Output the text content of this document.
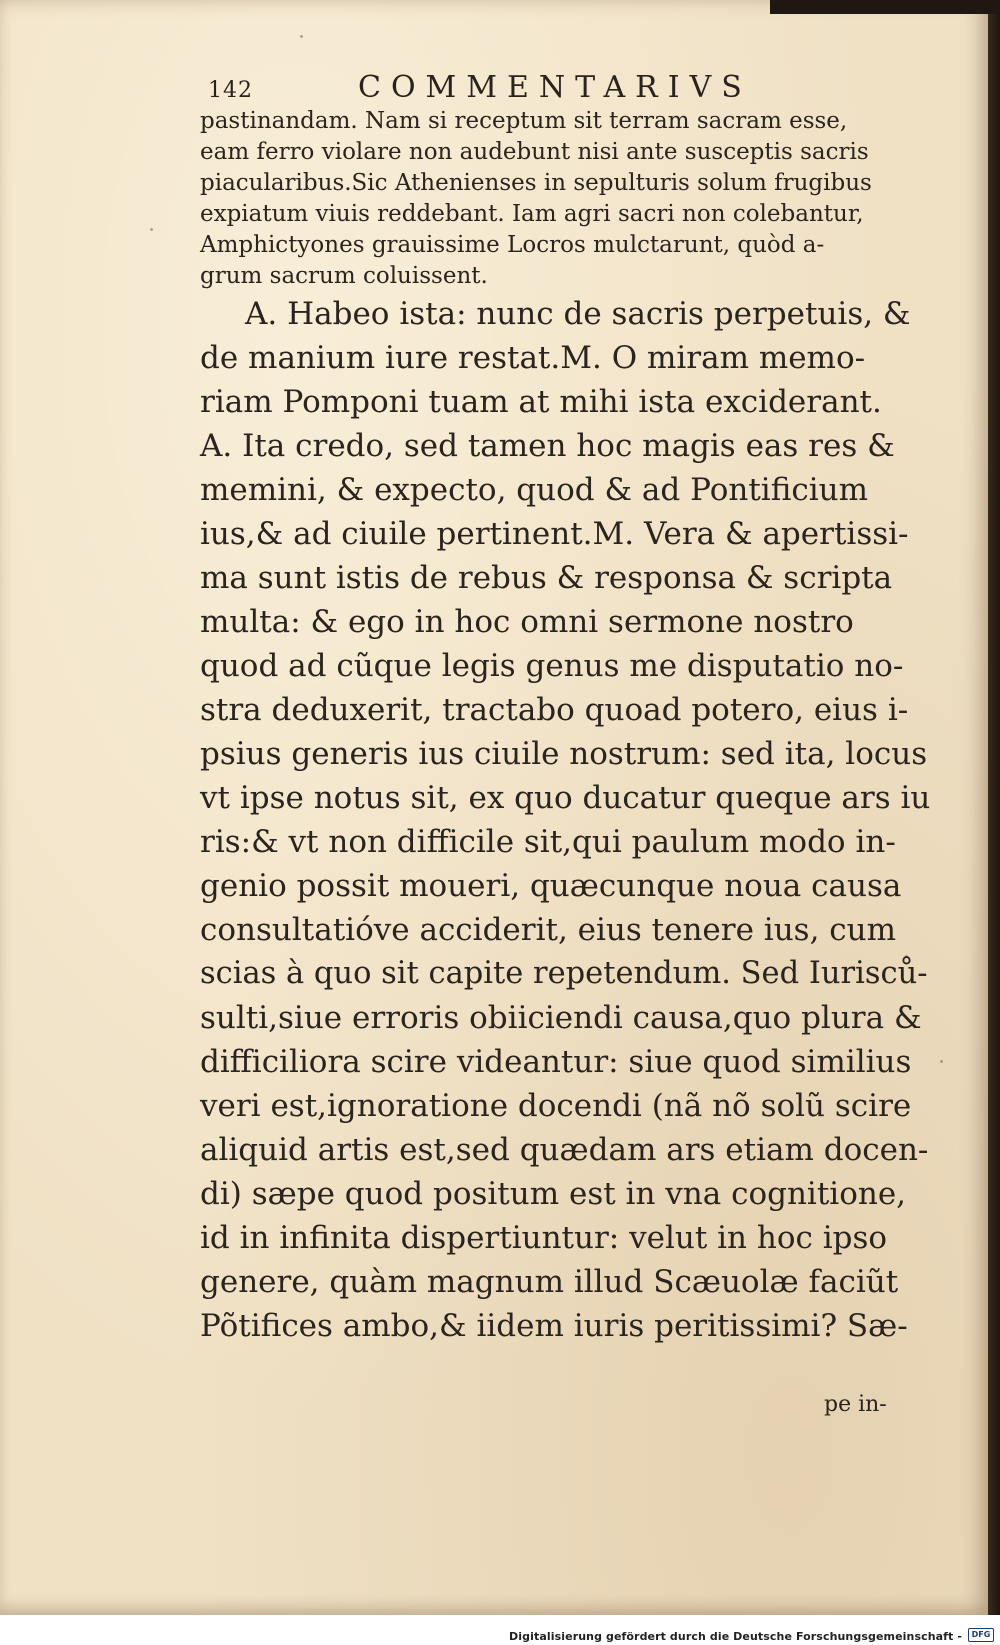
142	COMMENTARIVS
pastinandam. Nam si receptum sit terram sacram esse,
eam ferro violare non audebunt nisi ante susceptis sacris
piacularibus.Sic Athenienses in sepulturis solum frugibus
expiatum viuis reddebant. Iam agri sacri non colebantur,
Amphictyones grauissime Locros mulctarunt, quòd a-
grum sacrum coluissent.
A. Habeo ista: nunc de sacris perpetuis, &
de manium iure restat.M. O miram memo-
riam Pomponi tuam at mihi ista exciderant.
A. Ita credo, sed tamen hoc magis eas res &
memini, & expecto, quod & ad Pontificium
ius,& ad ciuile pertinent.M. Vera & apertissi-
ma sunt istis de rebus & responsa & scripta
multa: & ego in hoc omni sermone nostro
quod ad cũque legis genus me disputatio no-
stra deduxerit, tractabo quoad potero, eius i-
psius generis ius ciuile nostrum: sed ita, locus
vt ipse notus sit, ex quo ducatur queque ars iu
ris:& vt non difficile sit,qui paulum modo in-
genio possit moueri, quæcunque noua causa
consultatióve acciderit, eius tenere ius, cum
scias à quo sit capite repetendum. Sed Iurisců-
sulti,siue erroris obiiciendi causa,quo plura &
difficiliora scire videantur: siue quod similius
veri est,ignoratione docendi (nã nõ solũ scire
aliquid artis est,sed quædam ars etiam docen-
di) sæpe quod positum est in vna cognitione,
id in infinita dispertiuntur: velut in hoc ipso
genere, quàm magnum illud Scæuolæ faciũt
Põtifices ambo,& iidem iuris peritissimi? Sæ-
pe in-
Digitalisierung gefördert durch die Deutsche Forschungsgemeinschaft -	DFG
